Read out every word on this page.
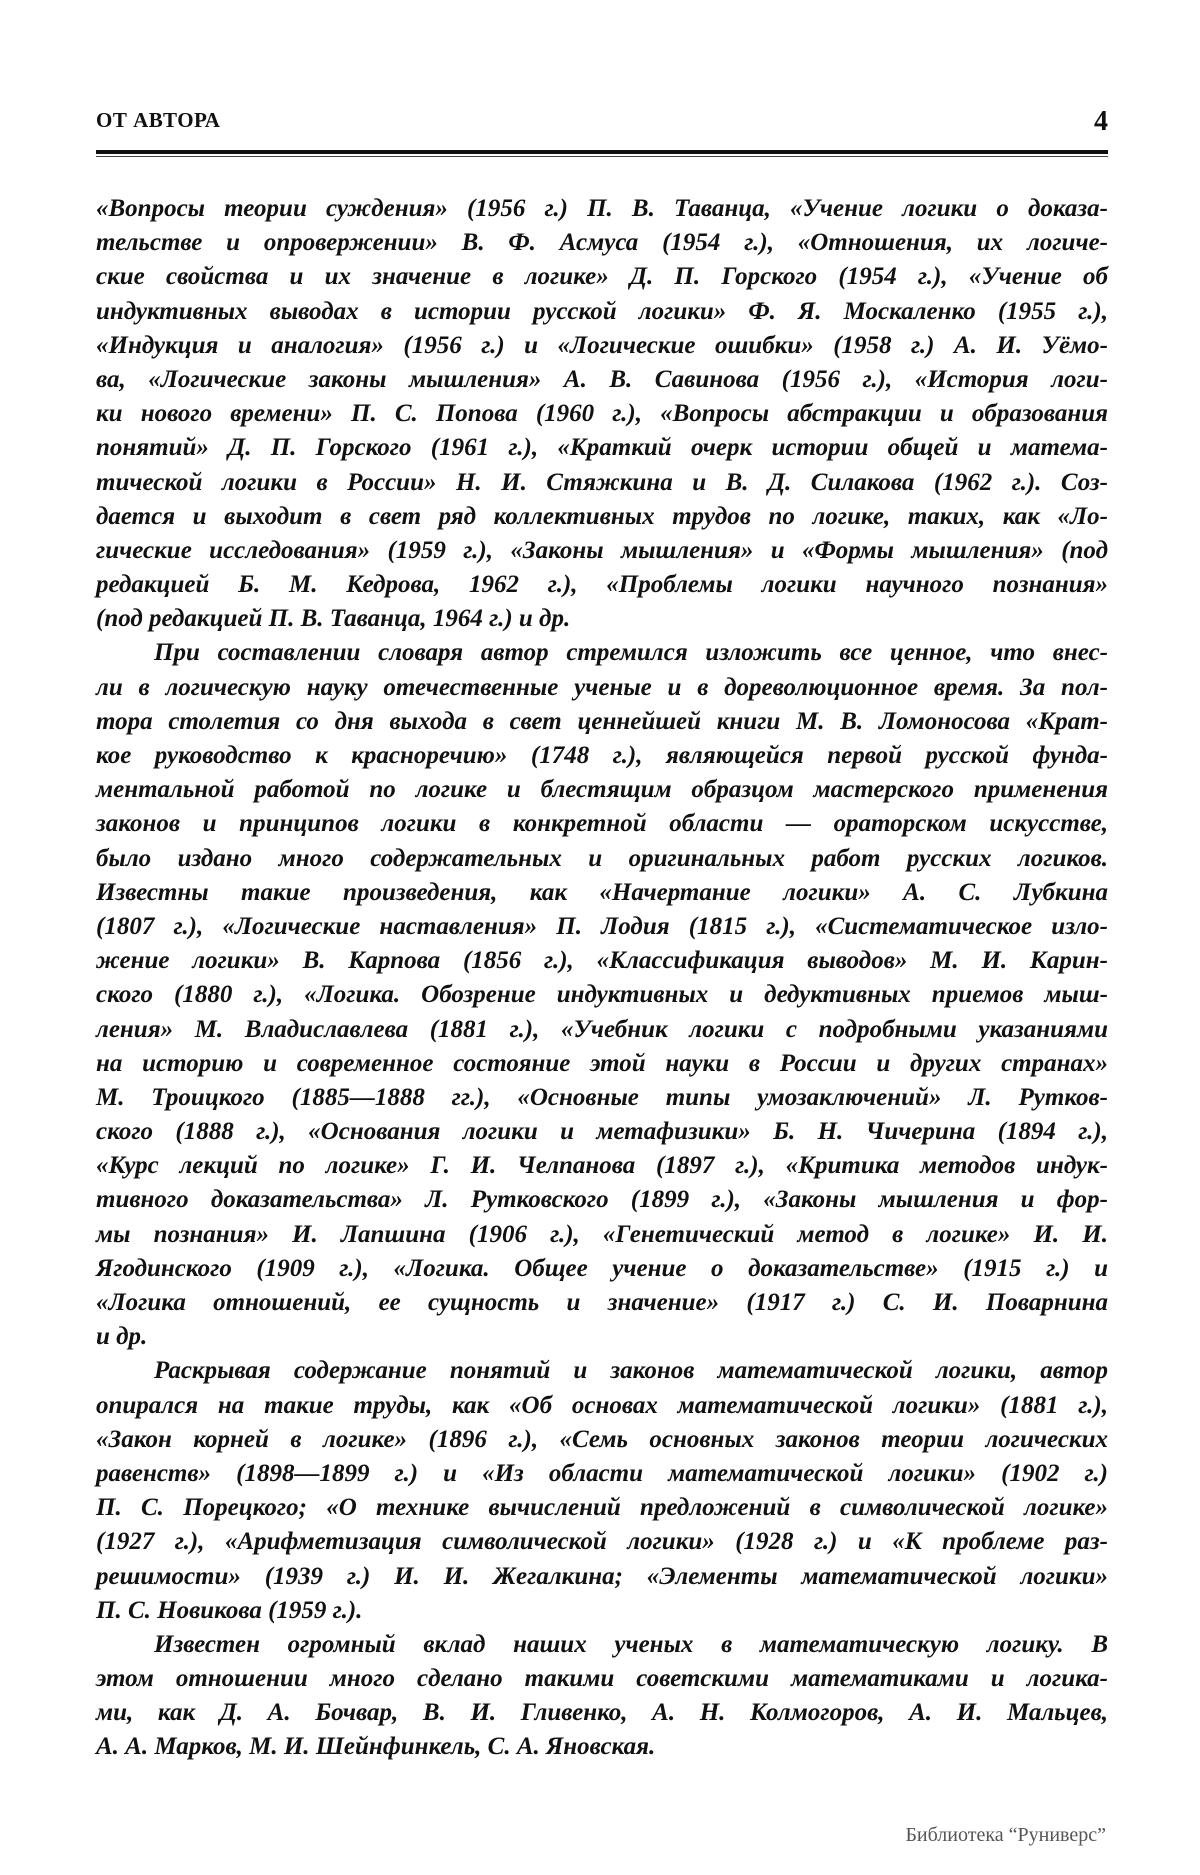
ОТ АВТОРА	4
«Вопросы теории суждения» (1956 г.) П. В. Таванца, «Учение логики о доказа-
тельстве и опровержении» В. Ф. Асмуса (1954 г.), «Отношения, их логиче-
ские свойства и их значение в логике» Д. П. Горского (1954 г.), «Учение об
индуктивных выводах в истории русской логики» Ф. Я. Москаленко (1955 г.),
«Индукция и аналогия» (1956 г.) и «Логические ошибки» (1958 г.) А. И. Уёмо-
ва, «Логические законы мышления» А. В. Савинова (1956 г.), «История логи-
ки нового времени» П. С. Попова (1960 г.), «Вопросы абстракции и образования
понятий» Д. П. Горского (1961 г.), «Краткий очерк истории общей и матема-
тической логики в России» Н. И. Стяжкина и В. Д. Силакова (1962 г.). Соз-
дается и выходит в свет ряд коллективных трудов по логике, таких, как «Ло-
гические исследования» (1959 г.), «Законы мышления» и «Формы мышления» (под
редакцией Б. М. Кедрова, 1962 г.), «Проблемы логики научного познания»
(под редакцией П. В. Таванца, 1964 г.) и др.
При составлении словаря автор стремился изложить все ценное, что внес-
ли в логическую науку отечественные ученые и в дореволюционное время. За пол-
тора столетия со дня выхода в свет ценнейшей книги М. В. Ломоносова «Крат-
кое руководство к красноречию» (1748 г.), являющейся первой русской фунда-
ментальной работой по логике и блестящим образцом мастерского применения
законов и принципов логики в конкретной области — ораторском искусстве,
было издано много содержательных и оригинальных работ русских логиков.
Известны такие произведения, как «Начертание логики» А. С. Лубкина
(1807 г.), «Логические наставления» П. Лодия (1815 г.), «Систематическое изло-
жение логики» В. Карпова (1856 г.), «Классификация выводов» М. И. Карин-
ского (1880 г.), «Логика. Обозрение индуктивных и дедуктивных приемов мыш-
ления» М. Владиславлева (1881 г.), «Учебник логики с подробными указаниями
на историю и современное состояние этой науки в России и других странах»
М. Троицкого (1885—1888 гг.), «Основные типы умозаключений» Л. Рутков-
ского (1888 г.), «Основания логики и метафизики» Б. Н. Чичерина (1894 г.),
«Курс лекций по логике» Г. И. Челпанова (1897 г.), «Критика методов индук-
тивного доказательства» Л. Рутковского (1899 г.), «Законы мышления и фор-
мы познания» И. Лапшина (1906 г.), «Генетический метод в логике» И. И.
Ягодинского (1909 г.), «Логика. Общее учение о доказательстве» (1915 г.) и
«Логика отношений, ее сущность и значение» (1917 г.) С. И. Поварнина
и др.
Раскрывая содержание понятий и законов математической логики, автор
опирался на такие труды, как «Об основах математической логики» (1881 г.),
«Закон корней в логике» (1896 г.), «Семь основных законов теории логических
равенств» (1898—1899 г.) и «Из области математической логики» (1902 г.)
П. С. Порецкого; «О технике вычислений предложений в символической логике»
(1927 г.), «Арифметизация символической логики» (1928 г.) и «К проблеме раз-
решимости» (1939 г.) И. И. Жегалкина; «Элементы математической логики»
П. С. Новикова (1959 г.).
Известен огромный вклад наших ученых в математическую логику. В
этом отношении много сделано такими советскими математиками и логика-
ми, как Д. А. Бочвар, В. И. Гливенко, А. Н. Колмогоров, А. И. Мальцев,
А. А. Марков, М. И. Шейнфинкель, С. А. Яновская.
Библиотека “Руниверс”
